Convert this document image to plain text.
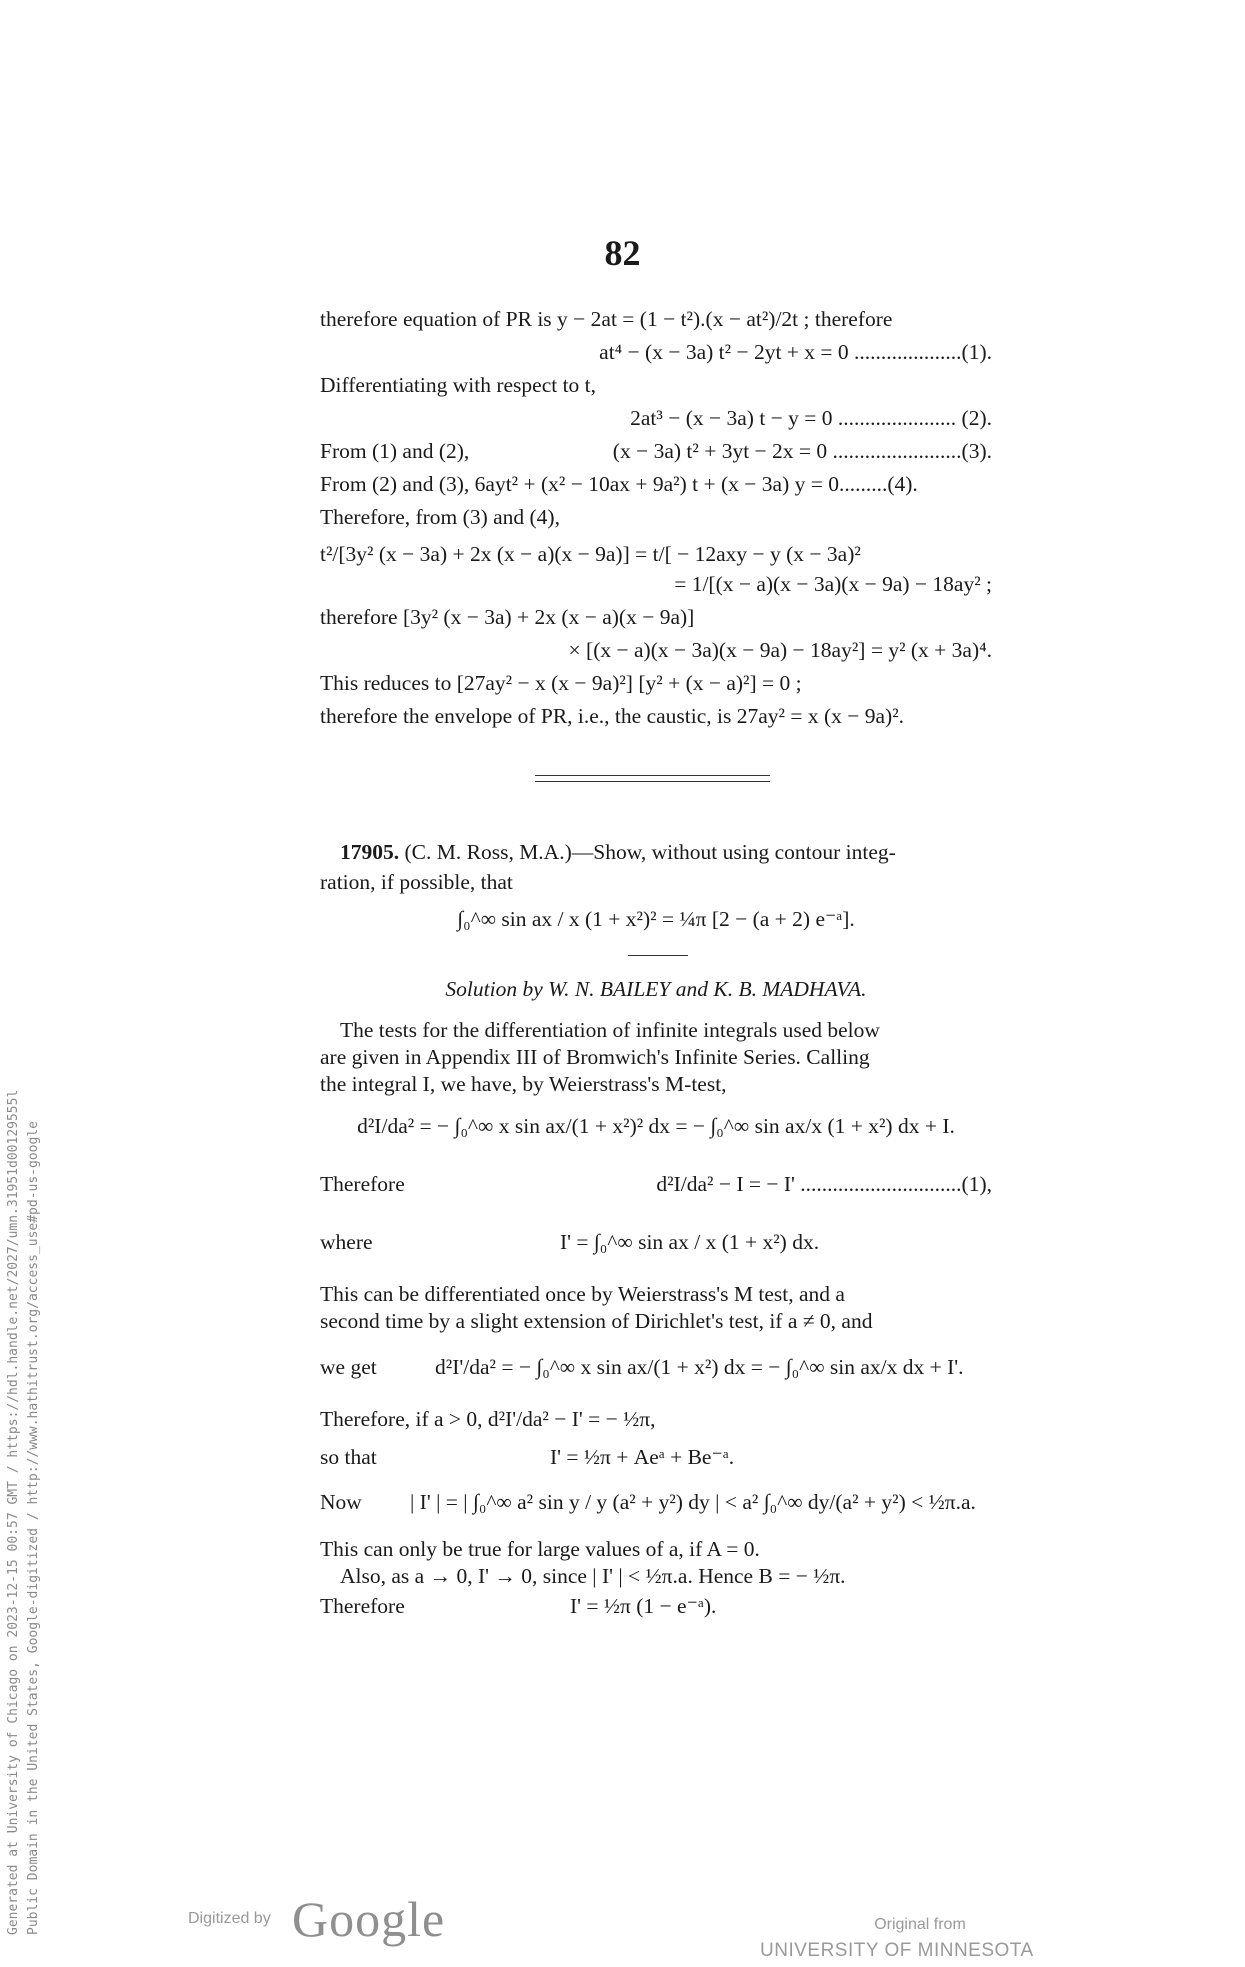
82
therefore equation of PR is y − 2at = (1 − t²).(x − at²)/2t ; therefore
at⁴ − (x − 3a) t² − 2yt + x = 0 ....................(1).
Differentiating with respect to t,
2at³ − (x − 3a) t − y = 0 ...................... (2).
From (1) and (2),	(x − 3a) t² + 3yt − 2x = 0 ........................(3).
From (2) and (3), 6ayt² + (x² − 10ax + 9a²) t + (x − 3a) y = 0.........(4).
Therefore, from (3) and (4),
t²/[3y² (x − 3a) + 2x (x − a)(x − 9a)] = t/[ − 12axy − y (x − 3a)²
= 1/[(x − a)(x − 3a)(x − 9a) − 18ay² ;
therefore [3y² (x − 3a) + 2x (x − a)(x − 9a)]
× [(x − a)(x − 3a)(x − 9a) − 18ay²] = y² (x + 3a)⁴.
This reduces to [27ay² − x (x − 9a)²] [y² + (x − a)²] = 0 ;
therefore the envelope of PR, i.e., the caustic, is 27ay² = x (x − 9a)².
17905. (C. M. Ross, M.A.)—Show, without using contour integ-
ration, if possible, that
∫₀^∞ sin ax / x (1 + x²)² = ¼π [2 − (a + 2) e⁻ᵃ].
Solution by W. N. BAILEY and K. B. MADHAVA.
The tests for the differentiation of infinite integrals used below
are given in Appendix III of Bromwich's Infinite Series. Calling
the integral I, we have, by Weierstrass's M-test,
d²I/da² = − ∫₀^∞ x sin ax/(1 + x²)² dx = − ∫₀^∞ sin ax/x (1 + x²) dx + I.
Therefore	d²I/da² − I = − I' ..............................(1),
where	I' = ∫₀^∞ sin ax / x (1 + x²) dx.
This can be differentiated once by Weierstrass's M test, and a
second time by a slight extension of Dirichlet's test, if a ≠ 0, and
we get	d²I'/da² = − ∫₀^∞ x sin ax/(1 + x²) dx = − ∫₀^∞ sin ax/x dx + I'.
Therefore, if a > 0, d²I'/da² − I' = − ½π,
so that	I' = ½π + Aeᵃ + Be⁻ᵃ.
Now | I' | = | ∫₀^∞ a² sin y / y (a² + y²) dy | < a² ∫₀^∞ dy/(a² + y²) < ½π.a.
This can only be true for large values of a, if A = 0.
Also, as a → 0, I' → 0, since | I' | < ½π.a. Hence B = − ½π.
Therefore	I' = ½π (1 − e⁻ᵃ).
Generated at University of Chicago on 2023-12-15 00:57 GMT / https://hdl.handle.net/2027/umn.31951d00129555l Public Domain in the United States, Google-digitized / http://www.hathitrust.org/access_use#pd-us-google	Digitized by Google	Original from
UNIVERSITY OF MINNESOTA
